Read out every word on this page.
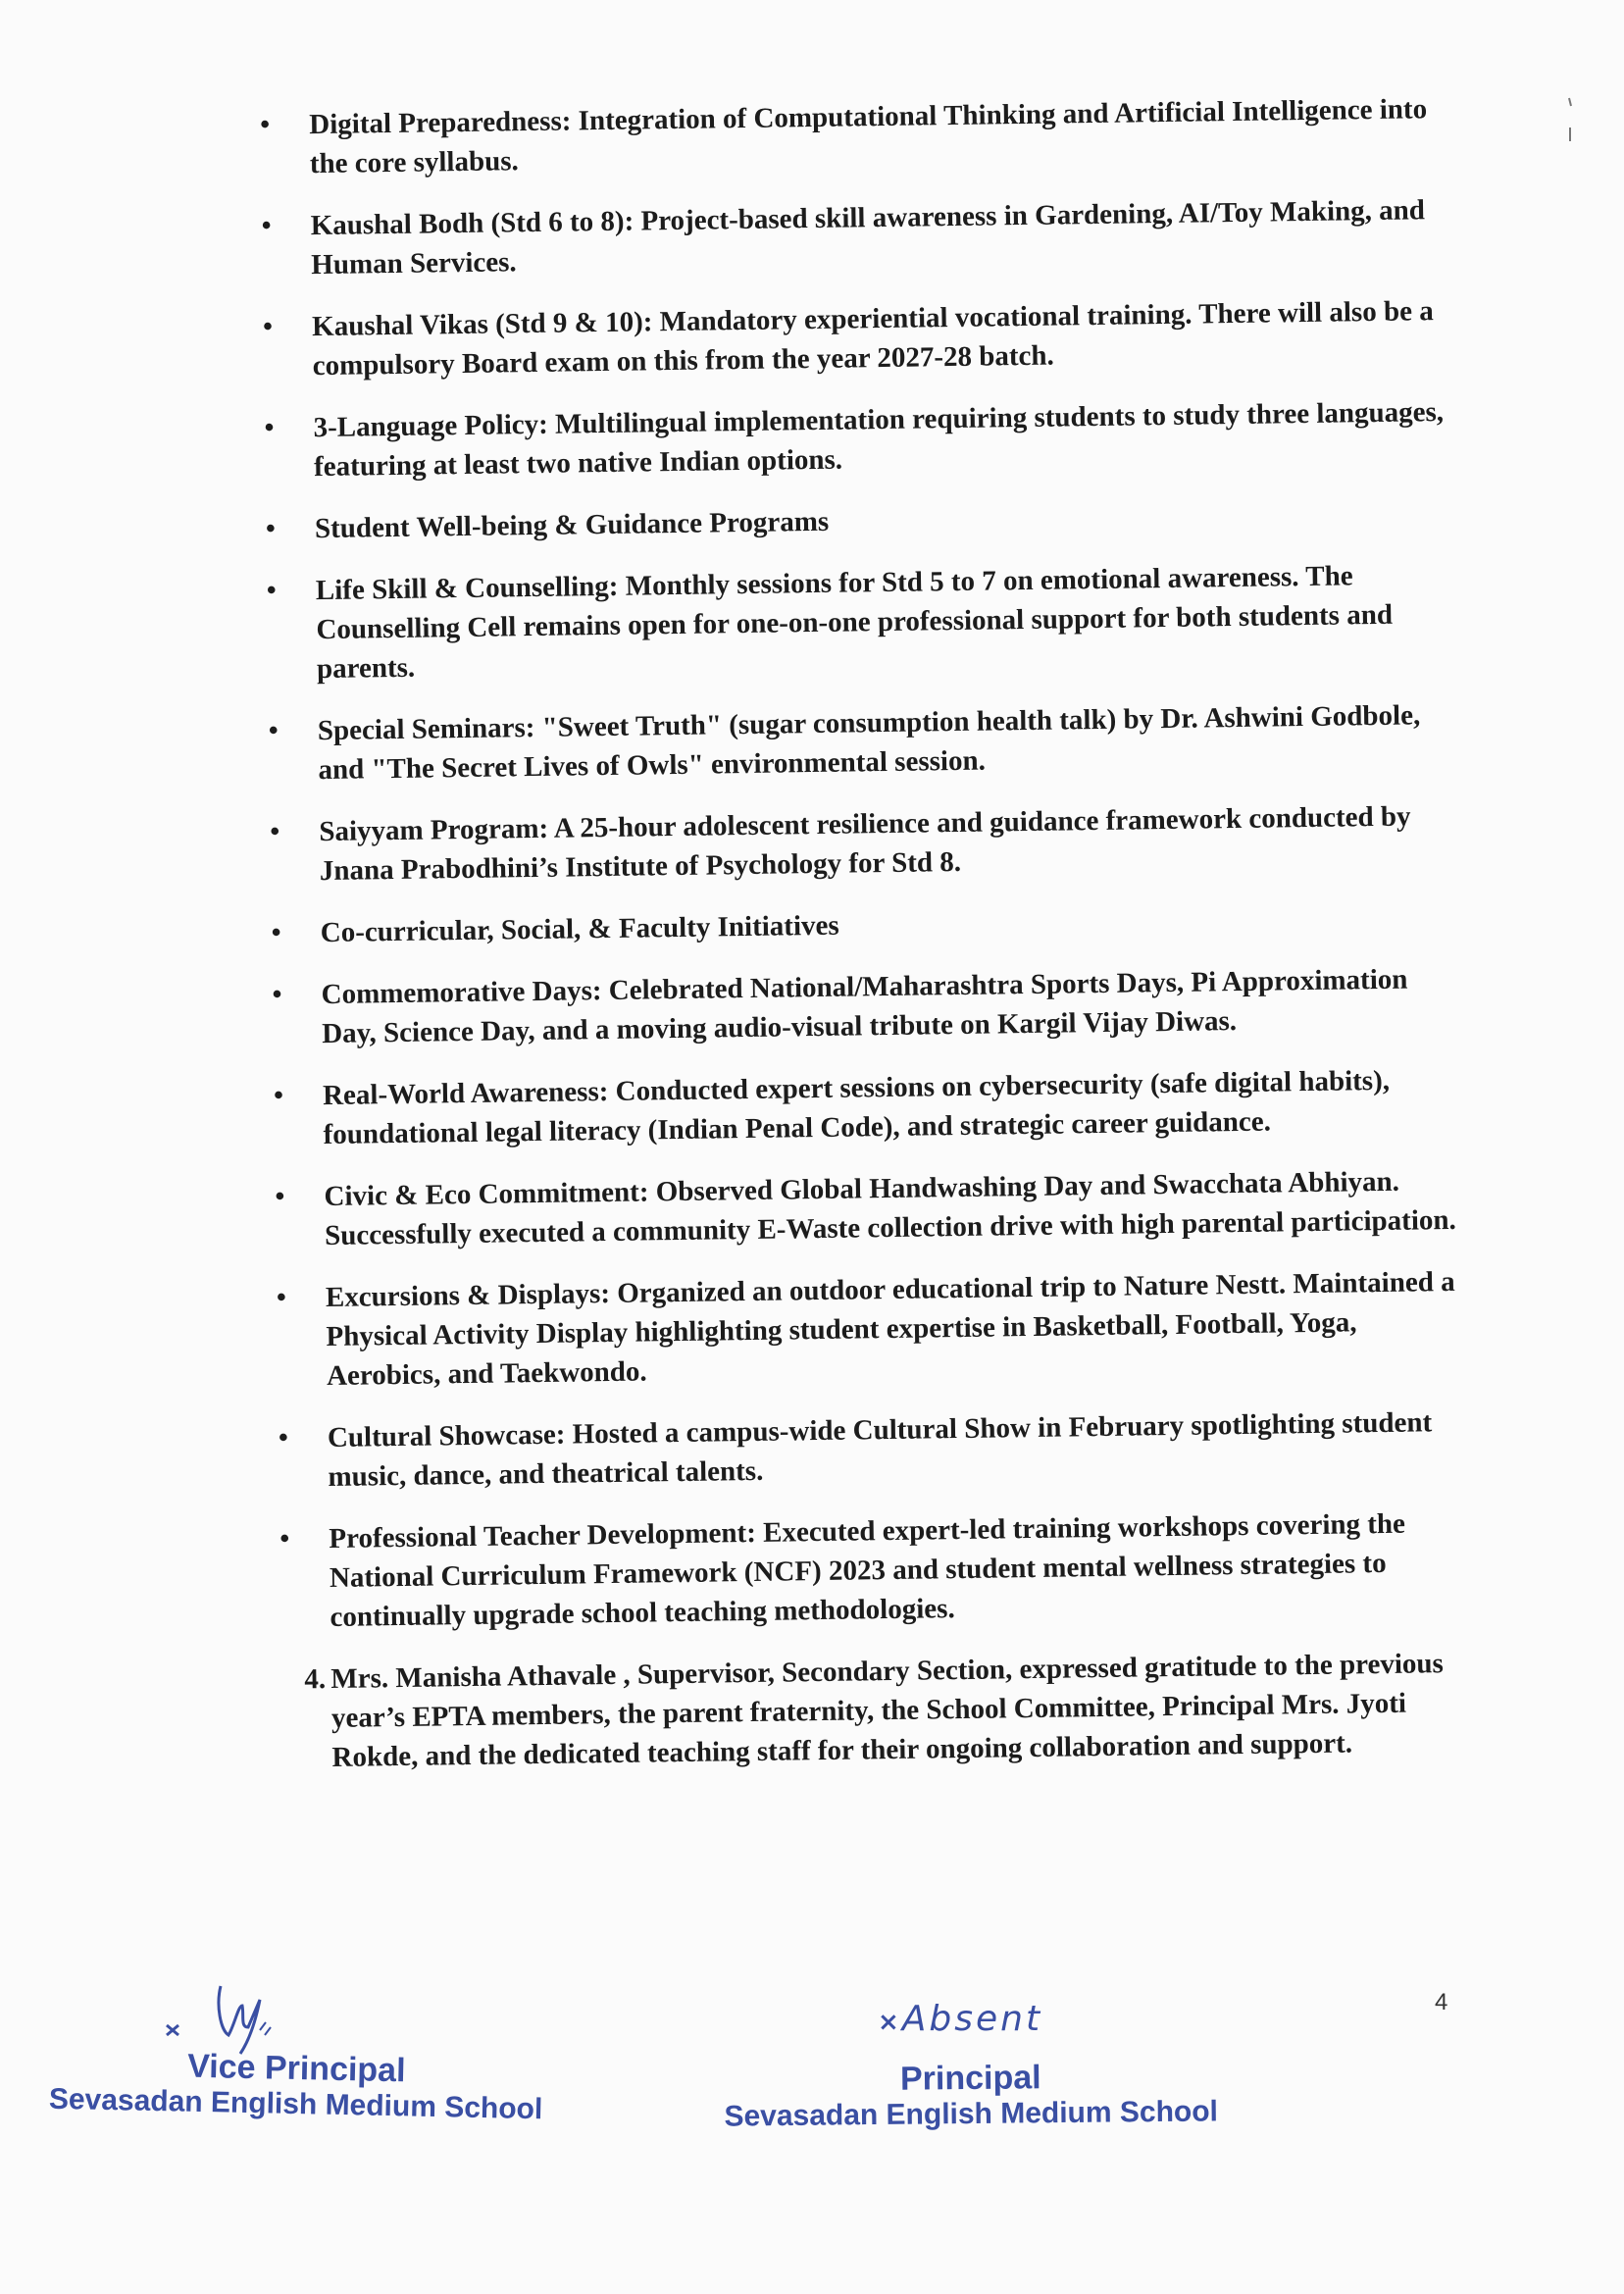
• Digital Preparedness: Integration of Computational Thinking and Artificial Intelligence into the core syllabus.
• Kaushal Bodh (Std 6 to 8): Project-based skill awareness in Gardening, AI/Toy Making, and Human Services.
• Kaushal Vikas (Std 9 & 10): Mandatory experiential vocational training. There will also be a compulsory Board exam on this from the year 2027-28 batch.
• 3-Language Policy: Multilingual implementation requiring students to study three languages, featuring at least two native Indian options.
• Student Well-being & Guidance Programs
• Life Skill & Counselling: Monthly sessions for Std 5 to 7 on emotional awareness. The Counselling Cell remains open for one-on-one professional support for both students and parents.
• Special Seminars: "Sweet Truth" (sugar consumption health talk) by Dr. Ashwini Godbole, and "The Secret Lives of Owls" environmental session.
• Saiyyam Program: A 25-hour adolescent resilience and guidance framework conducted by Jnana Prabodhini’s Institute of Psychology for Std 8.
• Co-curricular, Social, & Faculty Initiatives
• Commemorative Days: Celebrated National/Maharashtra Sports Days, Pi Approximation Day, Science Day, and a moving audio-visual tribute on Kargil Vijay Diwas.
• Real-World Awareness: Conducted expert sessions on cybersecurity (safe digital habits), foundational legal literacy (Indian Penal Code), and strategic career guidance.
• Civic & Eco Commitment: Observed Global Handwashing Day and Swacchata Abhiyan. Successfully executed a community E-Waste collection drive with high parental participation.
• Excursions & Displays: Organized an outdoor educational trip to Nature Nestt. Maintained a Physical Activity Display highlighting student expertise in Basketball, Football, Yoga, Aerobics, and Taekwondo.
• Cultural Showcase: Hosted a campus-wide Cultural Show in February spotlighting student music, dance, and theatrical talents.
• Professional Teacher Development: Executed expert-led training workshops covering the National Curriculum Framework (NCF) 2023 and student mental wellness strategies to continually upgrade school teaching methodologies.
4. Mrs. Manisha Athavale , Supervisor, Secondary Section, expressed gratitude to the previous year’s EPTA members, the parent fraternity, the School Committee, Principal Mrs. Jyoti Rokde, and the dedicated teaching staff for their ongoing collaboration and support.
4
Vice Principal
Sevasadan English Medium School
×Absent
Principal
Sevasadan English Medium School
